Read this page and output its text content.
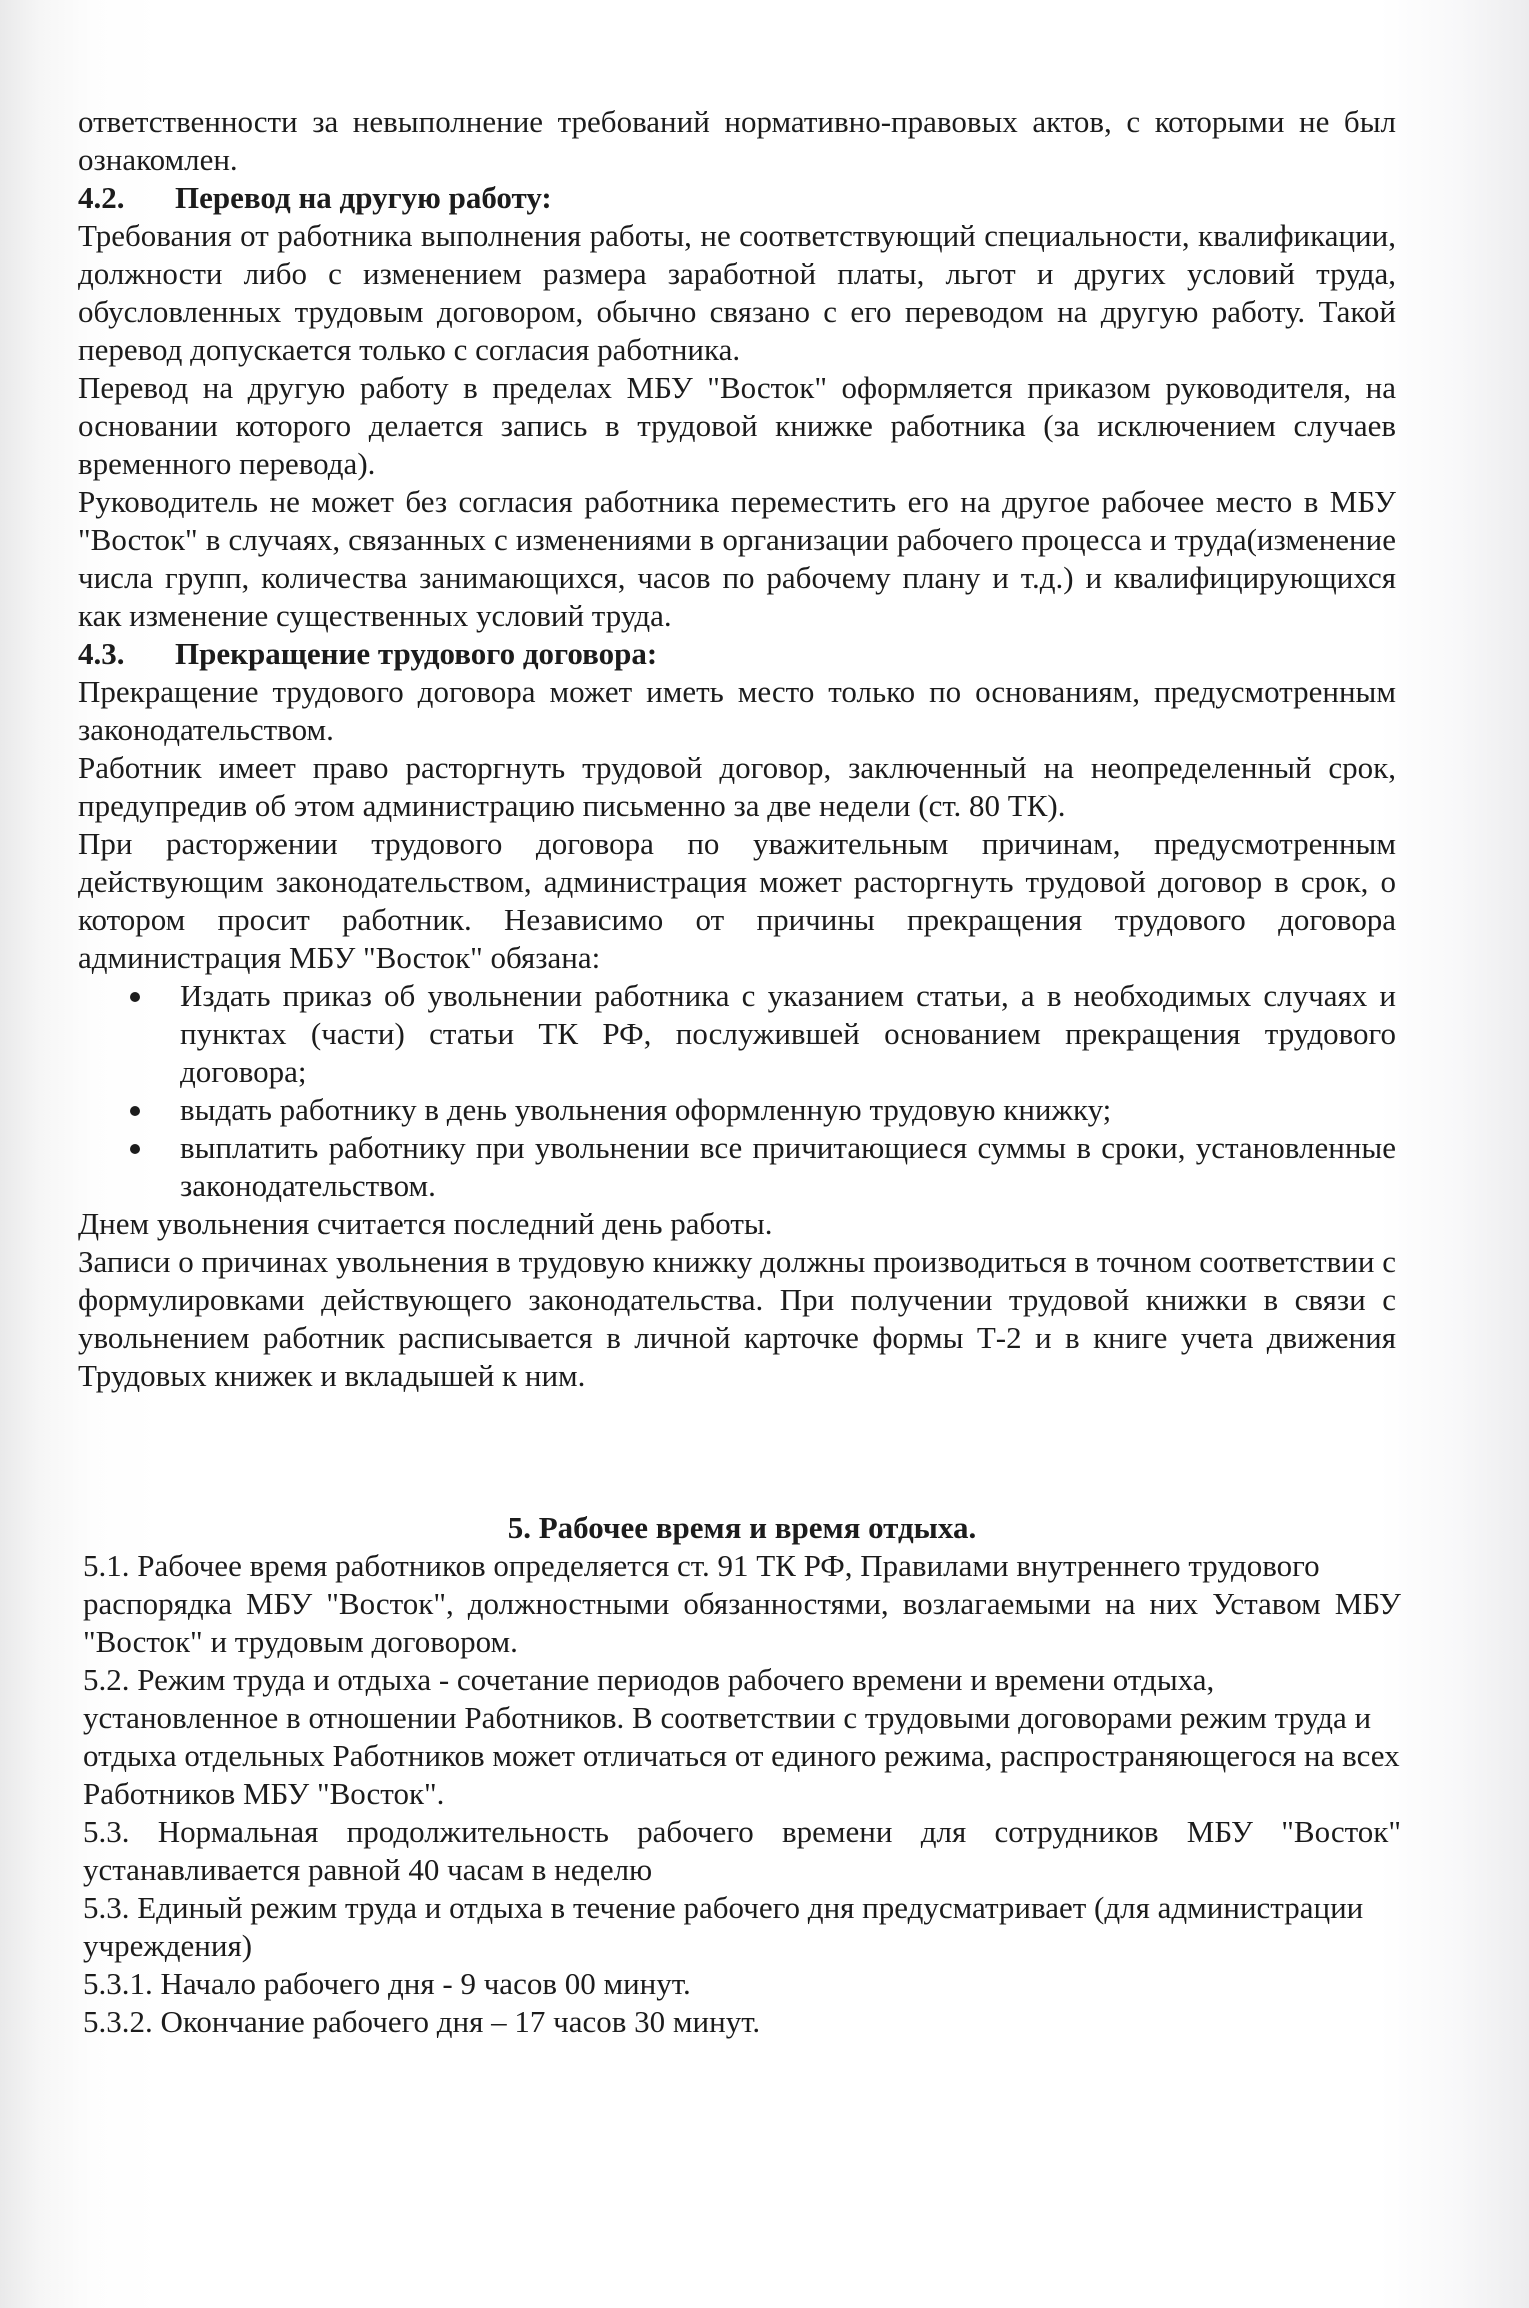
ответственности за невыполнение требований нормативно-правовых актов, с которыми не был ознакомлен.

4.2. Перевод на другую работу:

Требования от работника выполнения работы, не соответствующий специальности, квалификации, должности либо с изменением размера заработной платы, льгот и других условий труда, обусловленных трудовым договором, обычно связано с его переводом на другую работу. Такой перевод допускается только с согласия работника.

Перевод на другую работу в пределах МБУ "Восток" оформляется приказом руководителя, на основании которого делается запись в трудовой книжке работника (за исключением случаев временного перевода).

Руководитель не может без согласия работника переместить его на другое рабочее место в МБУ "Восток" в случаях, связанных с изменениями в организации рабочего процесса и труда(изменение числа групп, количества занимающихся, часов по рабочему плану и т.д.) и квалифицирующихся как изменение существенных условий труда.

4.3. Прекращение трудового договора:

Прекращение трудового договора может иметь место только по основаниям, предусмотренным законодательством.

Работник имеет право расторгнуть трудовой договор, заключенный на неопределенный срок, предупредив об этом администрацию письменно за две недели (ст. 80 ТК).

При расторжении трудового договора по уважительным причинам, предусмотренным действующим законодательством, администрация может расторгнуть трудовой договор в срок, о котором просит работник. Независимо от причины прекращения трудового договора администрация МБУ "Восток" обязана:

Издать приказ об увольнении работника с указанием статьи, а в необходимых случаях и пунктах (части) статьи ТК РФ, послужившей основанием прекращения трудового договора;
выдать работнику в день увольнения оформленную трудовую книжку;
выплатить работнику при увольнении все причитающиеся суммы в сроки, установленные законодательством.

Днем увольнения считается последний день работы.

Записи о причинах увольнения в трудовую книжку должны производиться в точном соответствии с формулировками действующего законодательства. При получении трудовой книжки в связи с увольнением работник расписывается в личной карточке формы Т-2 и в книге учета движения Трудовых книжек и вкладышей к ним.

5. Рабочее время и время отдыха.

5.1. Рабочее время работников определяется ст. 91 ТК РФ, Правилами внутреннего трудового

распорядка МБУ "Восток", должностными обязанностями, возлагаемыми на них Уставом МБУ "Восток" и трудовым договором.

5.2. Режим труда и отдыха - сочетание периодов рабочего времени и времени отдыха, установленное в отношении Работников. В соответствии с трудовыми договорами режим труда и отдыха отдельных Работников может отличаться от единого режима, распространяющегося на всех Работников МБУ "Восток".

5.3. Нормальная продолжительность рабочего времени для сотрудников МБУ "Восток" устанавливается равной 40 часам в неделю

5.3. Единый режим труда и отдыха в течение рабочего дня предусматривает (для администрации учреждения)

5.3.1. Начало рабочего дня - 9 часов 00 минут.

5.3.2. Окончание рабочего дня – 17 часов 30 минут.
